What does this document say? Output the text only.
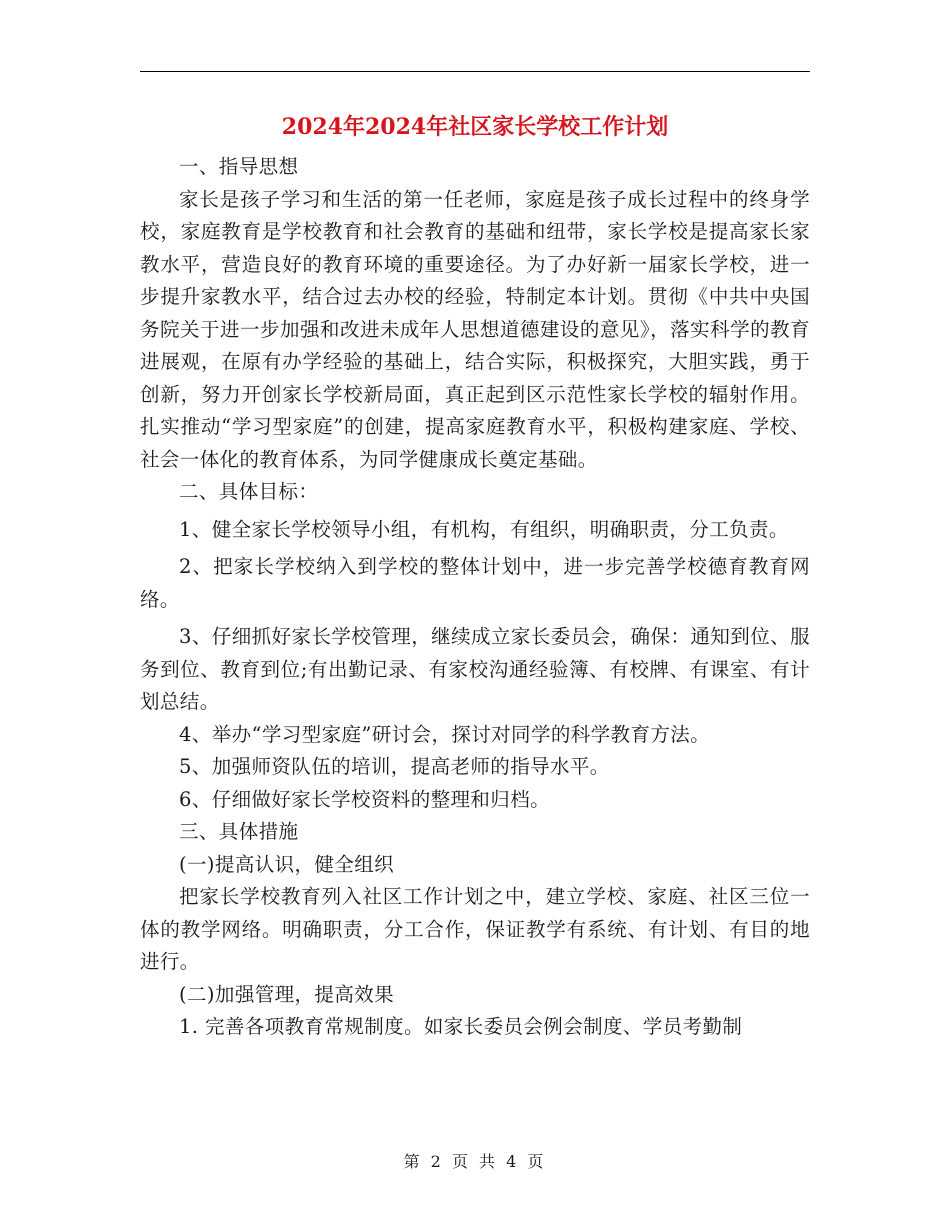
2024年2024年社区家长学校工作计划

一、指导思想

家长是孩子学习和生活的第一任老师，家庭是孩子成长过程中的终身学校，家庭教育是学校教育和社会教育的基础和纽带，家长学校是提高家长家教水平，营造良好的教育环境的重要途径。为了办好新一届家长学校，进一步提升家教水平，结合过去办校的经验，特制定本计划。贯彻《中共中央国务院关于进一步加强和改进未成年人思想道德建设的意见》，落实科学的教育进展观，在原有办学经验的基础上，结合实际，积极探究，大胆实践，勇于创新，努力开创家长学校新局面，真正起到区示范性家长学校的辐射作用。扎实推动“学习型家庭”的创建，提高家庭教育水平，积极构建家庭、学校、社会一体化的教育体系，为同学健康成长奠定基础。

二、具体目标：

1、健全家长学校领导小组，有机构，有组织，明确职责，分工负责。

2、把家长学校纳入到学校的整体计划中，进一步完善学校德育教育网络。

3、仔细抓好家长学校管理，继续成立家长委员会，确保：通知到位、服务到位、教育到位;有出勤记录、有家校沟通经验簿、有校牌、有课室、有计划总结。

4、举办“学习型家庭”研讨会，探讨对同学的科学教育方法。

5、加强师资队伍的培训，提高老师的指导水平。

6、仔细做好家长学校资料的整理和归档。

三、具体措施

(一)提高认识，健全组织

把家长学校教育列入社区工作计划之中，建立学校、家庭、社区三位一体的教学网络。明确职责，分工合作，保证教学有系统、有计划、有目的地进行。

(二)加强管理，提高效果

1. 完善各项教育常规制度。如家长委员会例会制度、学员考勤制

第 2 页 共 4 页
